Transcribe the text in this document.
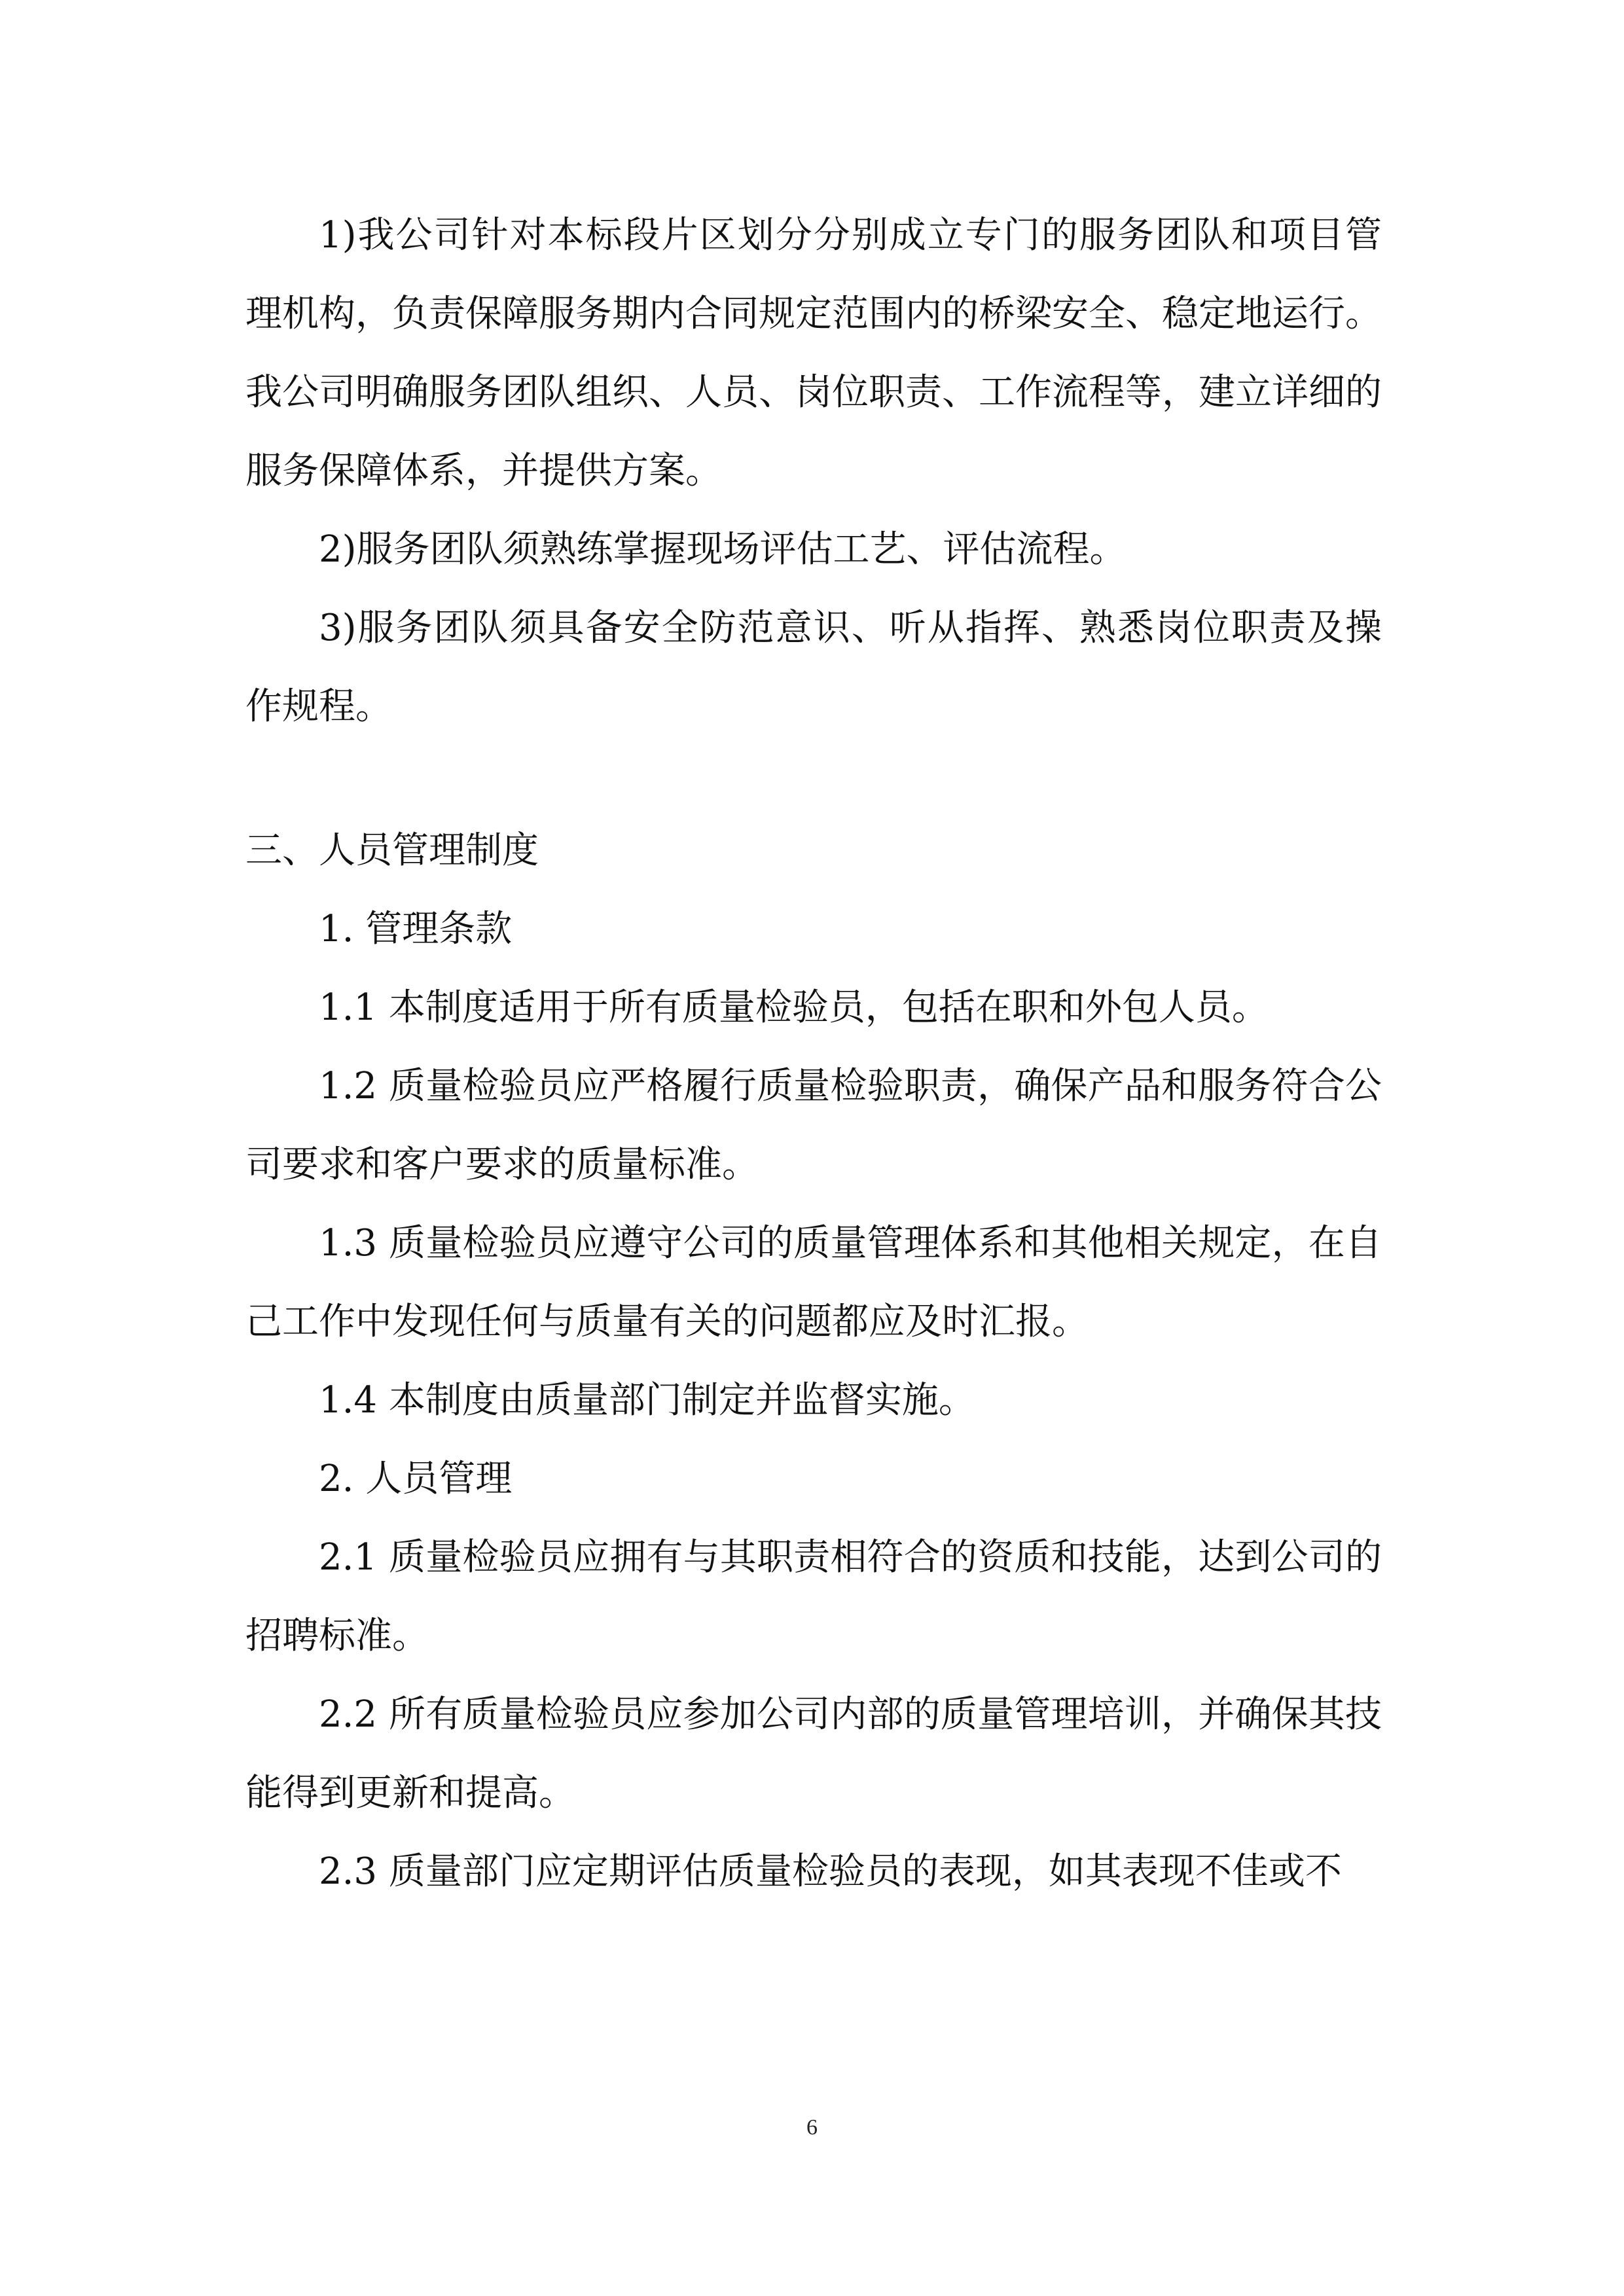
1)我公司针对本标段片区划分分别成立专门的服务团队和项目管理机构，负责保障服务期内合同规定范围内的桥梁安全、稳定地运行。我公司明确服务团队组织、人员、岗位职责、工作流程等，建立详细的服务保障体系，并提供方案。

2)服务团队须熟练掌握现场评估工艺、评估流程。

3)服务团队须具备安全防范意识、听从指挥、熟悉岗位职责及操作规程。

三、人员管理制度

1. 管理条款

1.1 本制度适用于所有质量检验员，包括在职和外包人员。

1.2 质量检验员应严格履行质量检验职责，确保产品和服务符合公司要求和客户要求的质量标准。

1.3 质量检验员应遵守公司的质量管理体系和其他相关规定，在自己工作中发现任何与质量有关的问题都应及时汇报。

1.4 本制度由质量部门制定并监督实施。

2. 人员管理

2.1 质量检验员应拥有与其职责相符合的资质和技能，达到公司的招聘标准。

2.2 所有质量检验员应参加公司内部的质量管理培训，并确保其技能得到更新和提高。

2.3 质量部门应定期评估质量检验员的表现，如其表现不佳或不

6
